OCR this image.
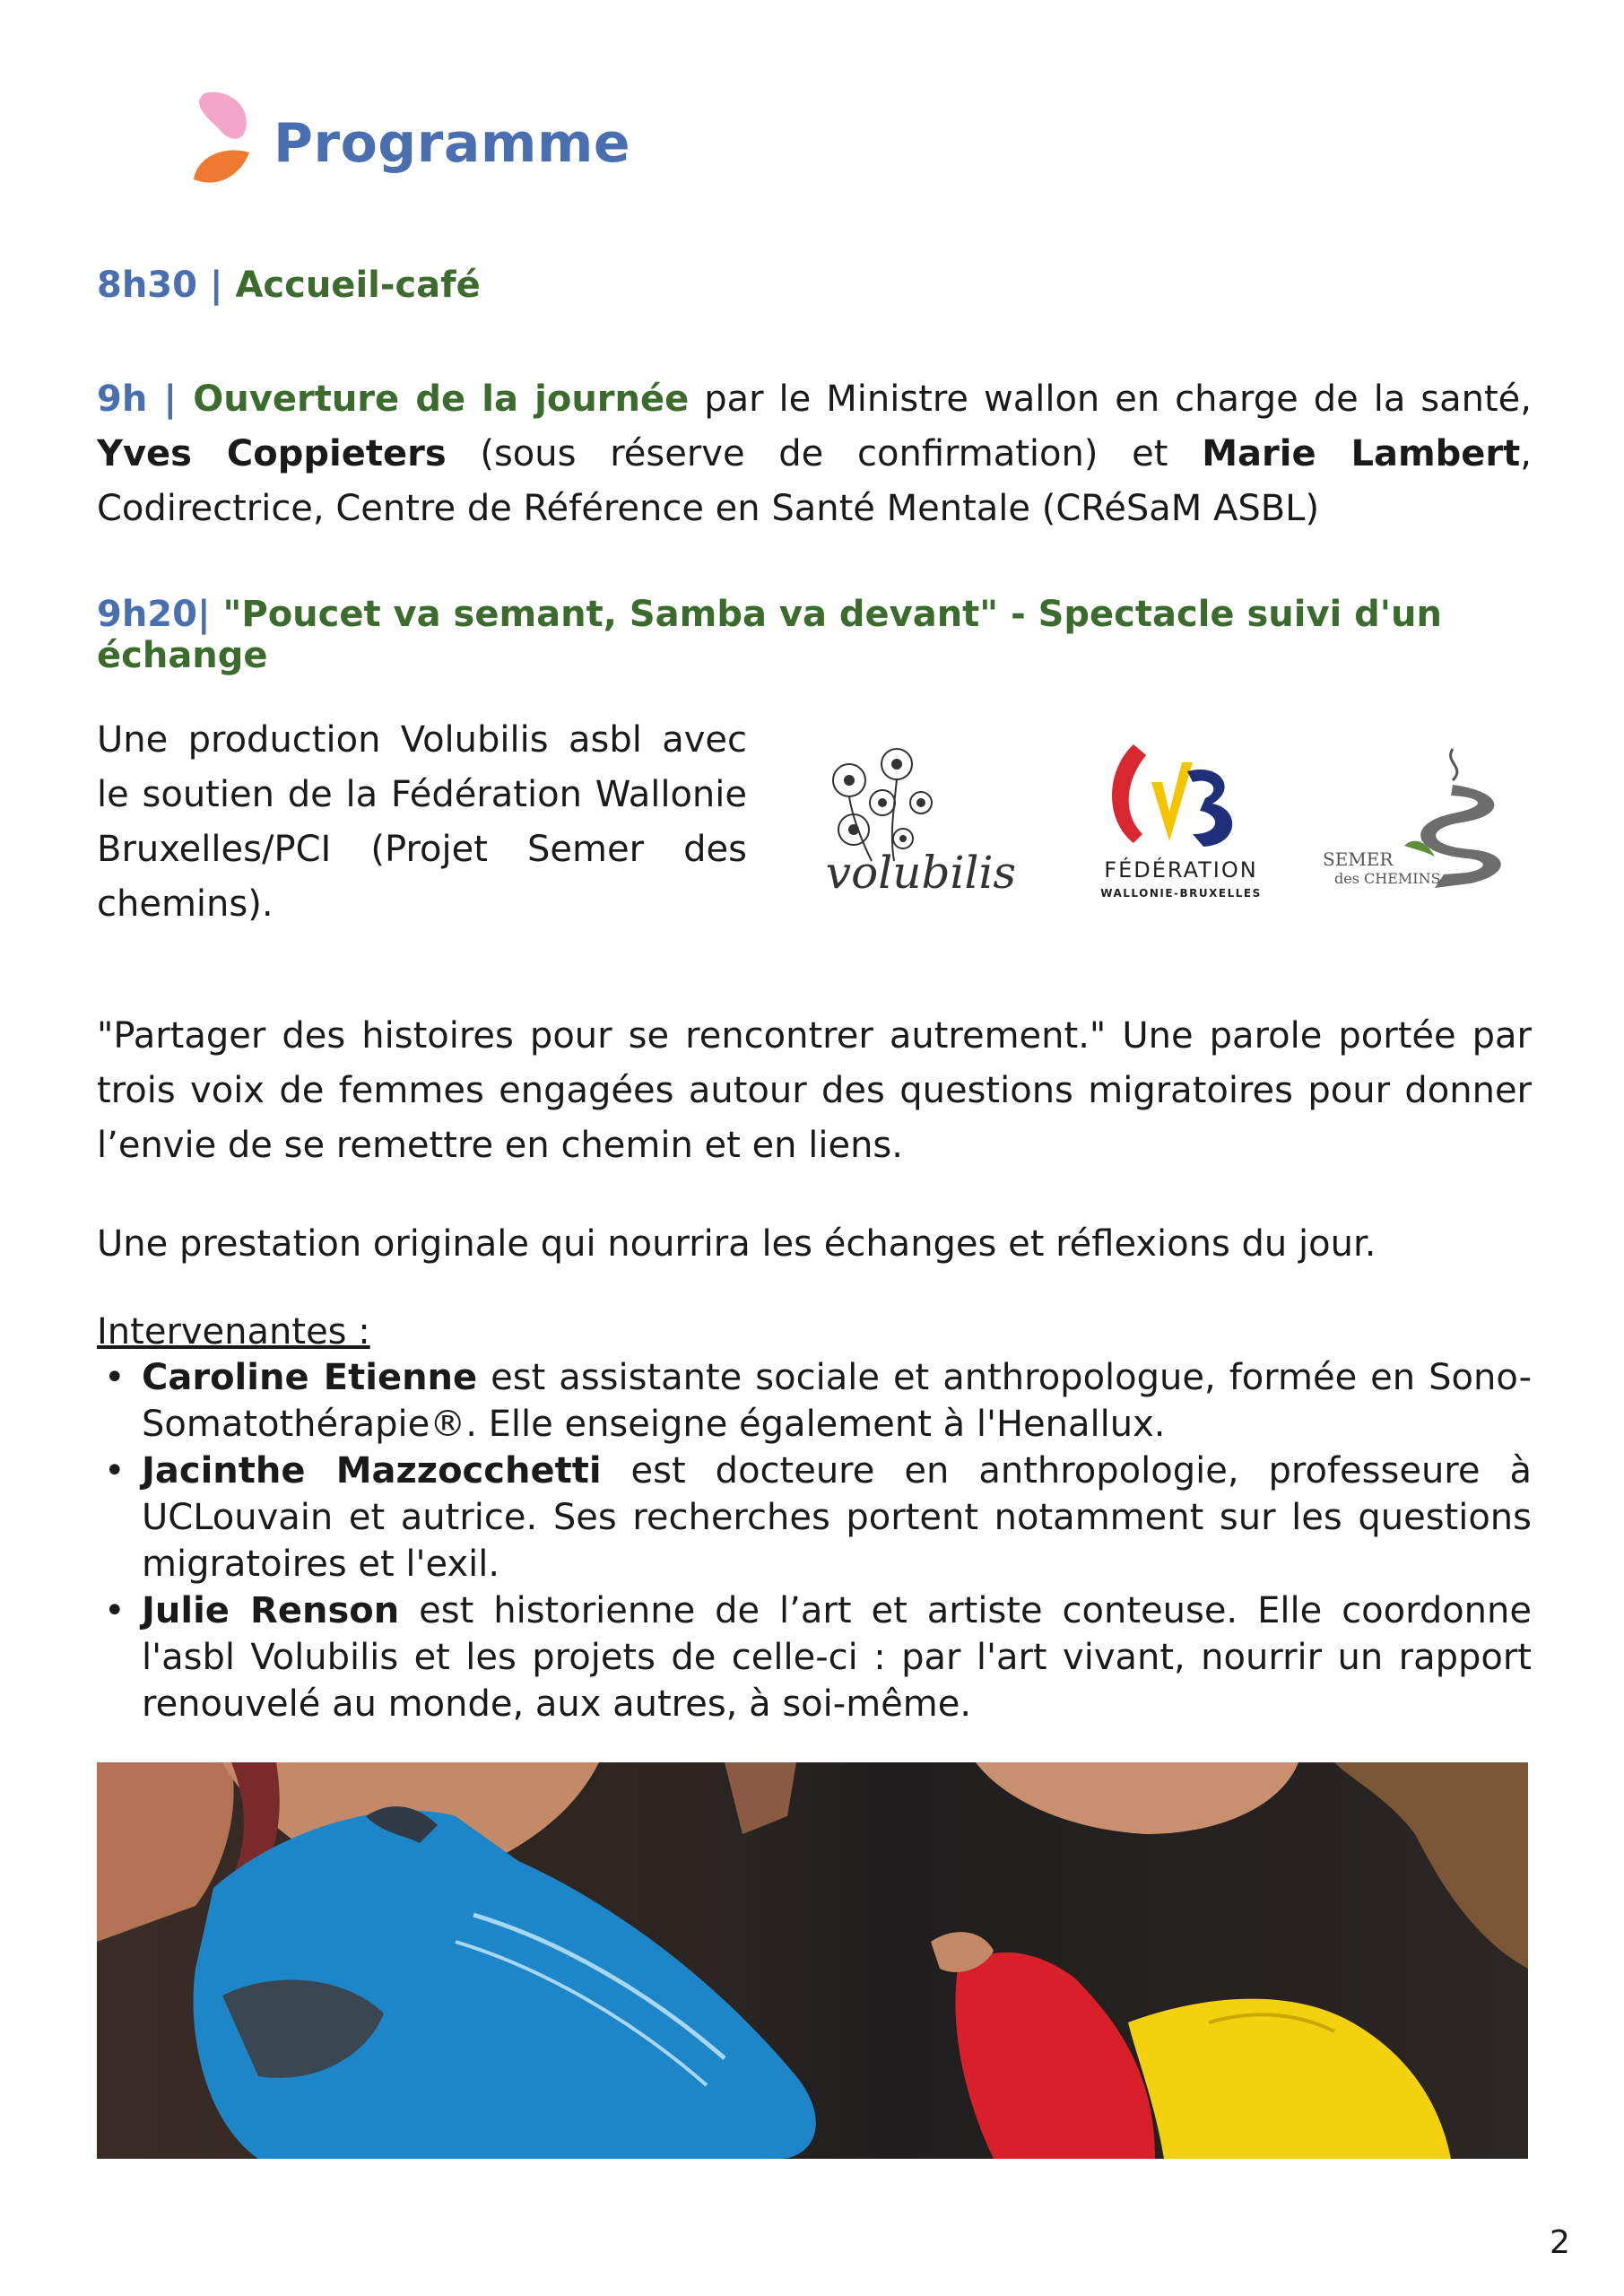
Programme
8h30 | Accueil-café
9h | Ouverture de la journée par le Ministre wallon en charge de la santé, Yves Coppieters (sous réserve de confirmation) et Marie Lambert, Codirectrice, Centre de Référence en Santé Mentale (CRéSaM ASBL)
9h20| "Poucet va semant, Samba va devant" - Spectacle suivi d'un échange
Une production Volubilis asbl avec le soutien de la Fédération Wallonie Bruxelles/PCI (Projet Semer des chemins).
volubilis	FÉDÉRATION
WALLONIE-BRUXELLES
SEMER
des CHEMINS
"Partager des histoires pour se rencontrer autrement." Une parole portée par trois voix de femmes engagées autour des questions migratoires pour donner l’envie de se remettre en chemin et en liens.
Une prestation originale qui nourrira les échanges et réflexions du jour.
Intervenantes :
• Caroline Etienne est assistante sociale et anthropologue, formée en Sono-Somatothérapie®. Elle enseigne également à l'Henallux.
• Jacinthe Mazzocchetti est docteure en anthropologie, professeure à UCLouvain et autrice. Ses recherches portent notamment sur les questions migratoires et l'exil.
• Julie Renson est historienne de l’art et artiste conteuse. Elle coordonne l'asbl Volubilis et les projets de celle-ci : par l'art vivant, nourrir un rapport renouvelé au monde, aux autres, à soi-même.
2
